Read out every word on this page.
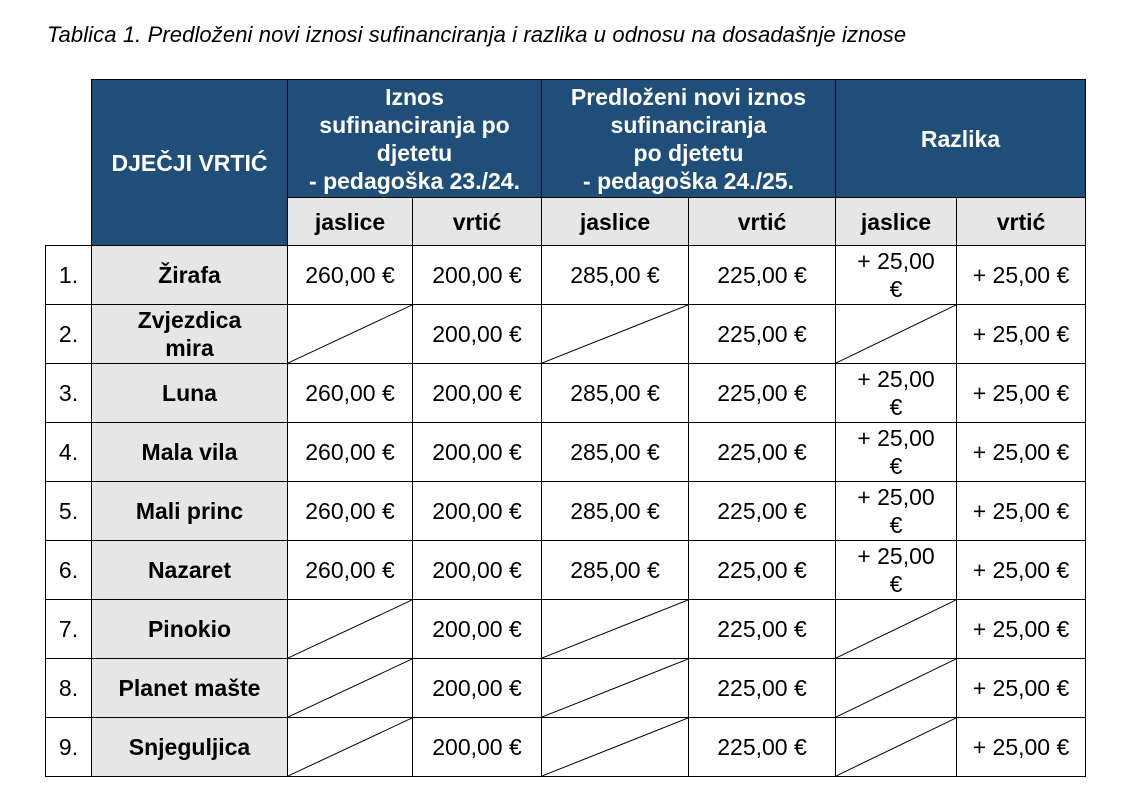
Tablica 1. Predloženi novi iznosi sufinanciranja i razlika u odnosu na dosadašnje iznose
	DJEČJI VRTIĆ	Iznos
sufinanciranja po
djetetu
- pedagoška 23./24.		Predloženi novi iznos
sufinanciranja
po djetetu
- pedagoška 24./25.		Razlika	
		jaslice	vrtić	jaslice	vrtić	jaslice	vrtić
1.	Žirafa	260,00 €	200,00 €	285,00 €	225,00 €	+ 25,00 €	+ 25,00 €
2.	Zvjezdica
mira		200,00 €		225,00 €		+ 25,00 €
3.	Luna	260,00 €	200,00 €	285,00 €	225,00 €	+ 25,00 €	+ 25,00 €
4.	Mala vila	260,00 €	200,00 €	285,00 €	225,00 €	+ 25,00 €	+ 25,00 €
5.	Mali princ	260,00 €	200,00 €	285,00 €	225,00 €	+ 25,00 €	+ 25,00 €
6.	Nazaret	260,00 €	200,00 €	285,00 €	225,00 €	+ 25,00 €	+ 25,00 €
7.	Pinokio		200,00 €		225,00 €		+ 25,00 €
8.	Planet mašte		200,00 €		225,00 €		+ 25,00 €
9.	Snjeguljica		200,00 €		225,00 €		+ 25,00 €
